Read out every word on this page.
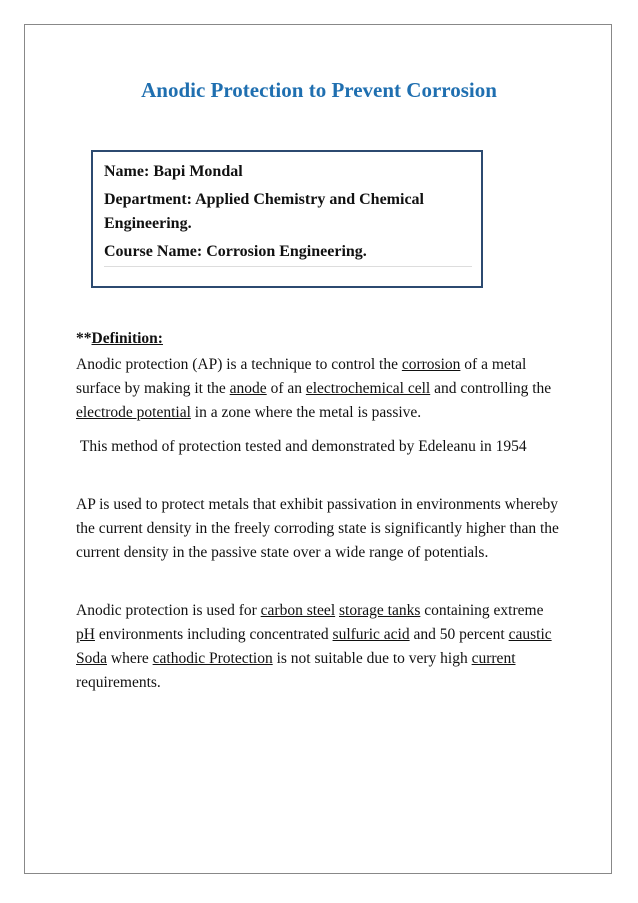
Anodic Protection to Prevent Corrosion

Name: Bapi Mondal

Department: Applied Chemistry and Chemical Engineering.

Course Name: Corrosion Engineering.

**Definition:

Anodic protection (AP) is a technique to control the corrosion of a metal surface by making it the anode of an electrochemical cell and controlling the electrode potential in a zone where the metal is passive.

This method of protection tested and demonstrated by Edeleanu in 1954

AP is used to protect metals that exhibit passivation in environments whereby the current density in the freely corroding state is significantly higher than the current density in the passive state over a wide range of potentials.

Anodic protection is used for carbon steel storage tanks containing extreme pH environments including concentrated sulfuric acid and 50 percent caustic Soda where cathodic Protection is not suitable due to very high current requirements.
